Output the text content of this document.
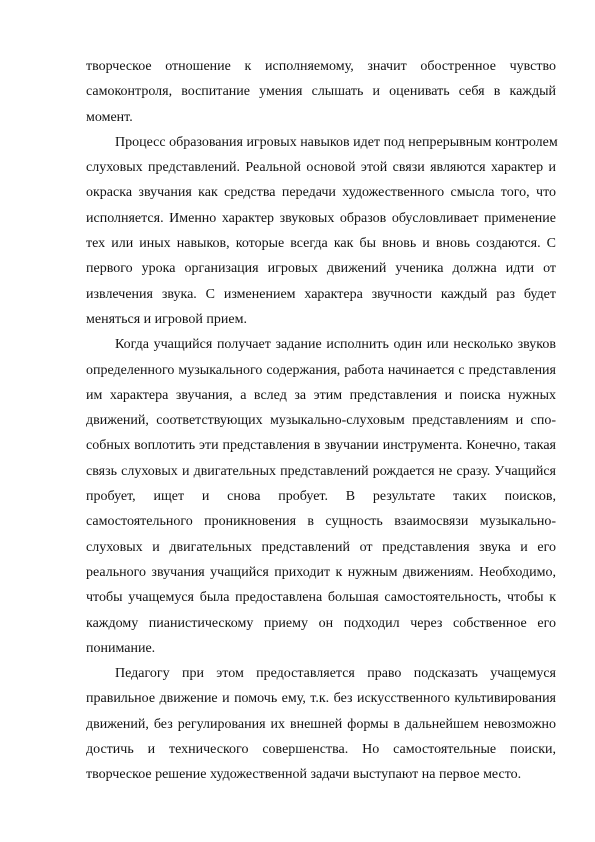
творческое отношение к исполняемому, значит обостренное чувство
самоконтроля, воспитание умения слышать и оценивать себя в каждый
момент.
Процесс образования игровых навыков идет под непрерывным контролем
слуховых представлений. Реальной основой этой связи являются характер и
окраска звучания как средства передачи художественного смысла того, что
исполняется. Именно характер звуковых образов обусловливает применение
тех или иных навыков, которые всегда как бы вновь и вновь создаются. С
первого урока организация игровых движений ученика должна идти от
извлечения звука. С изменением характера звучности каждый раз будет
меняться и игровой прием.
Когда учащийся получает задание исполнить один или несколько звуков
определенного музыкального содержания, работа начинается с представления
им характера звучания, а вслед за этим представления и поиска нужных
движений, соответствующих музыкально-слуховым представлениям и спо-
собных воплотить эти представления в звучании инструмента. Конечно, такая
связь слуховых и двигательных представлений рождается не сразу. Учащийся
пробует, ищет и снова пробует. В результате таких поисков,
самостоятельного проникновения в сущность взаимосвязи музыкально-
слуховых и двигательных представлений от представления звука и его
реального звучания учащийся приходит к нужным движениям. Необходимо,
чтобы учащемуся была предоставлена большая самостоятельность, чтобы к
каждому пианистическому приему он подходил через собственное его
понимание.
Педагогу при этом предоставляется право подсказать учащемуся
правильное движение и помочь ему, т.к. без искусственного культивирования
движений, без регулирования их внешней формы в дальнейшем невозможно
достичь и технического совершенства. Но самостоятельные поиски,
творческое решение художественной задачи выступают на первое место.
